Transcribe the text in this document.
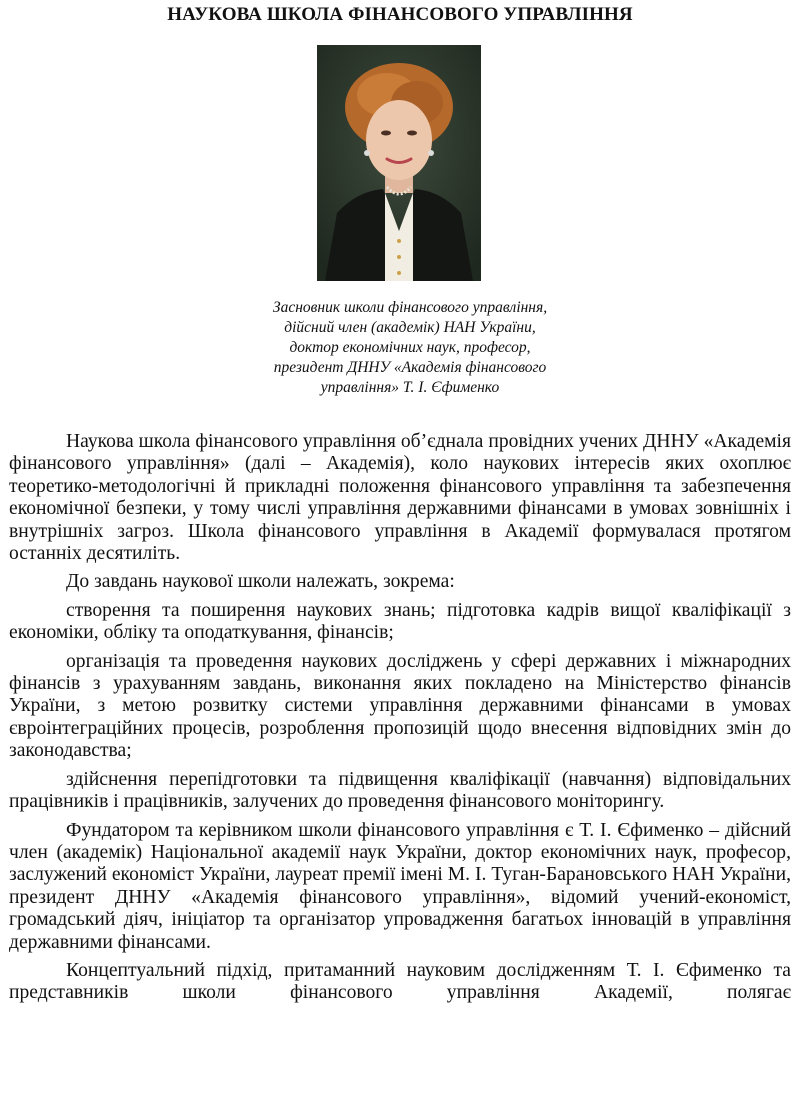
НАУКОВА ШКОЛА ФІНАНСОВОГО УПРАВЛІННЯ
Засновник школи фінансового управління,
дійсний член (академік) НАН України,
доктор економічних наук, професор,
президент ДННУ «Академія фінансового
управління» Т. І. Єфименко

Наукова школа фінансового управління об’єднала провідних учених ДННУ «Академія фінансового управління» (далі – Академія), коло наукових інтересів яких охоплює теоретико-методологічні й прикладні положення фінансового управління та забезпечення економічної безпеки, у тому числі управління державними фінансами в умовах зовнішніх і внутрішніх загроз. Школа фінансового управління в Академії формувалася протягом останніх десятиліть.

До завдань наукової школи належать, зокрема:

створення та поширення наукових знань; підготовка кадрів вищої кваліфікації з економіки, обліку та оподаткування, фінансів;

організація та проведення наукових досліджень у сфері державних і міжнародних фінансів з урахуванням завдань, виконання яких покладено на Міністерство фінансів України, з метою розвитку системи управління державними фінансами в умовах євроінтеграційних процесів, розроблення пропозицій щодо внесення відповідних змін до законодавства;

здійснення перепідготовки та підвищення кваліфікації (навчання) відповідальних працівників і працівників, залучених до проведення фінансового моніторингу.

Фундатором та керівником школи фінансового управління є Т. І. Єфименко – дійсний член (академік) Національної академії наук України, доктор економічних наук, професор, заслужений економіст України, лауреат премії імені М. І. Туган-Барановського НАН України, президент ДННУ «Академія фінансового управління», відомий учений-економіст, громадський діяч, ініціатор та організатор упровадження багатьох інновацій в управління державними фінансами.

Концептуальний підхід, притаманний науковим дослідженням Т. І. Єфименко та представників школи фінансового управління Академії, полягає
